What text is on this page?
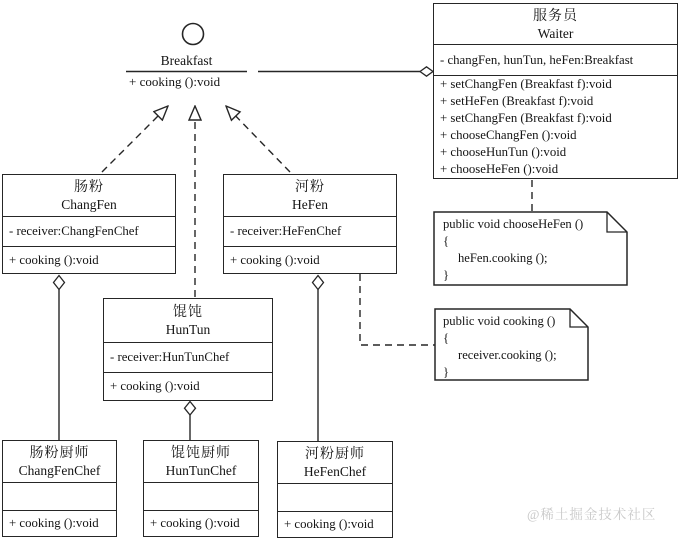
Breakfast
+ cooking ():void
服务员
Waiter
- changFen, hunTun, heFen:Breakfast
+ setChangFen (Breakfast f):void
+ setHeFen (Breakfast f):void
+ setChangFen (Breakfast f):void
+ chooseChangFen ():void
+ chooseHunTun ():void
+ chooseHeFen ():void
肠粉
ChangFen
- receiver:ChangFenChef
+ cooking ():void
河粉
HeFen
- receiver:HeFenChef
+ cooking ():void
馄饨
HunTun
- receiver:HunTunChef
+ cooking ():void
肠粉厨师
ChangFenChef
+ cooking ():void
馄饨厨师
HunTunChef
+ cooking ():void
河粉厨师
HeFenChef
+ cooking ():void
public void chooseHeFen ()
{
heFen.cooking ();
}
public void cooking ()
{
receiver.cooking ();
}
@稀土掘金技术社区
